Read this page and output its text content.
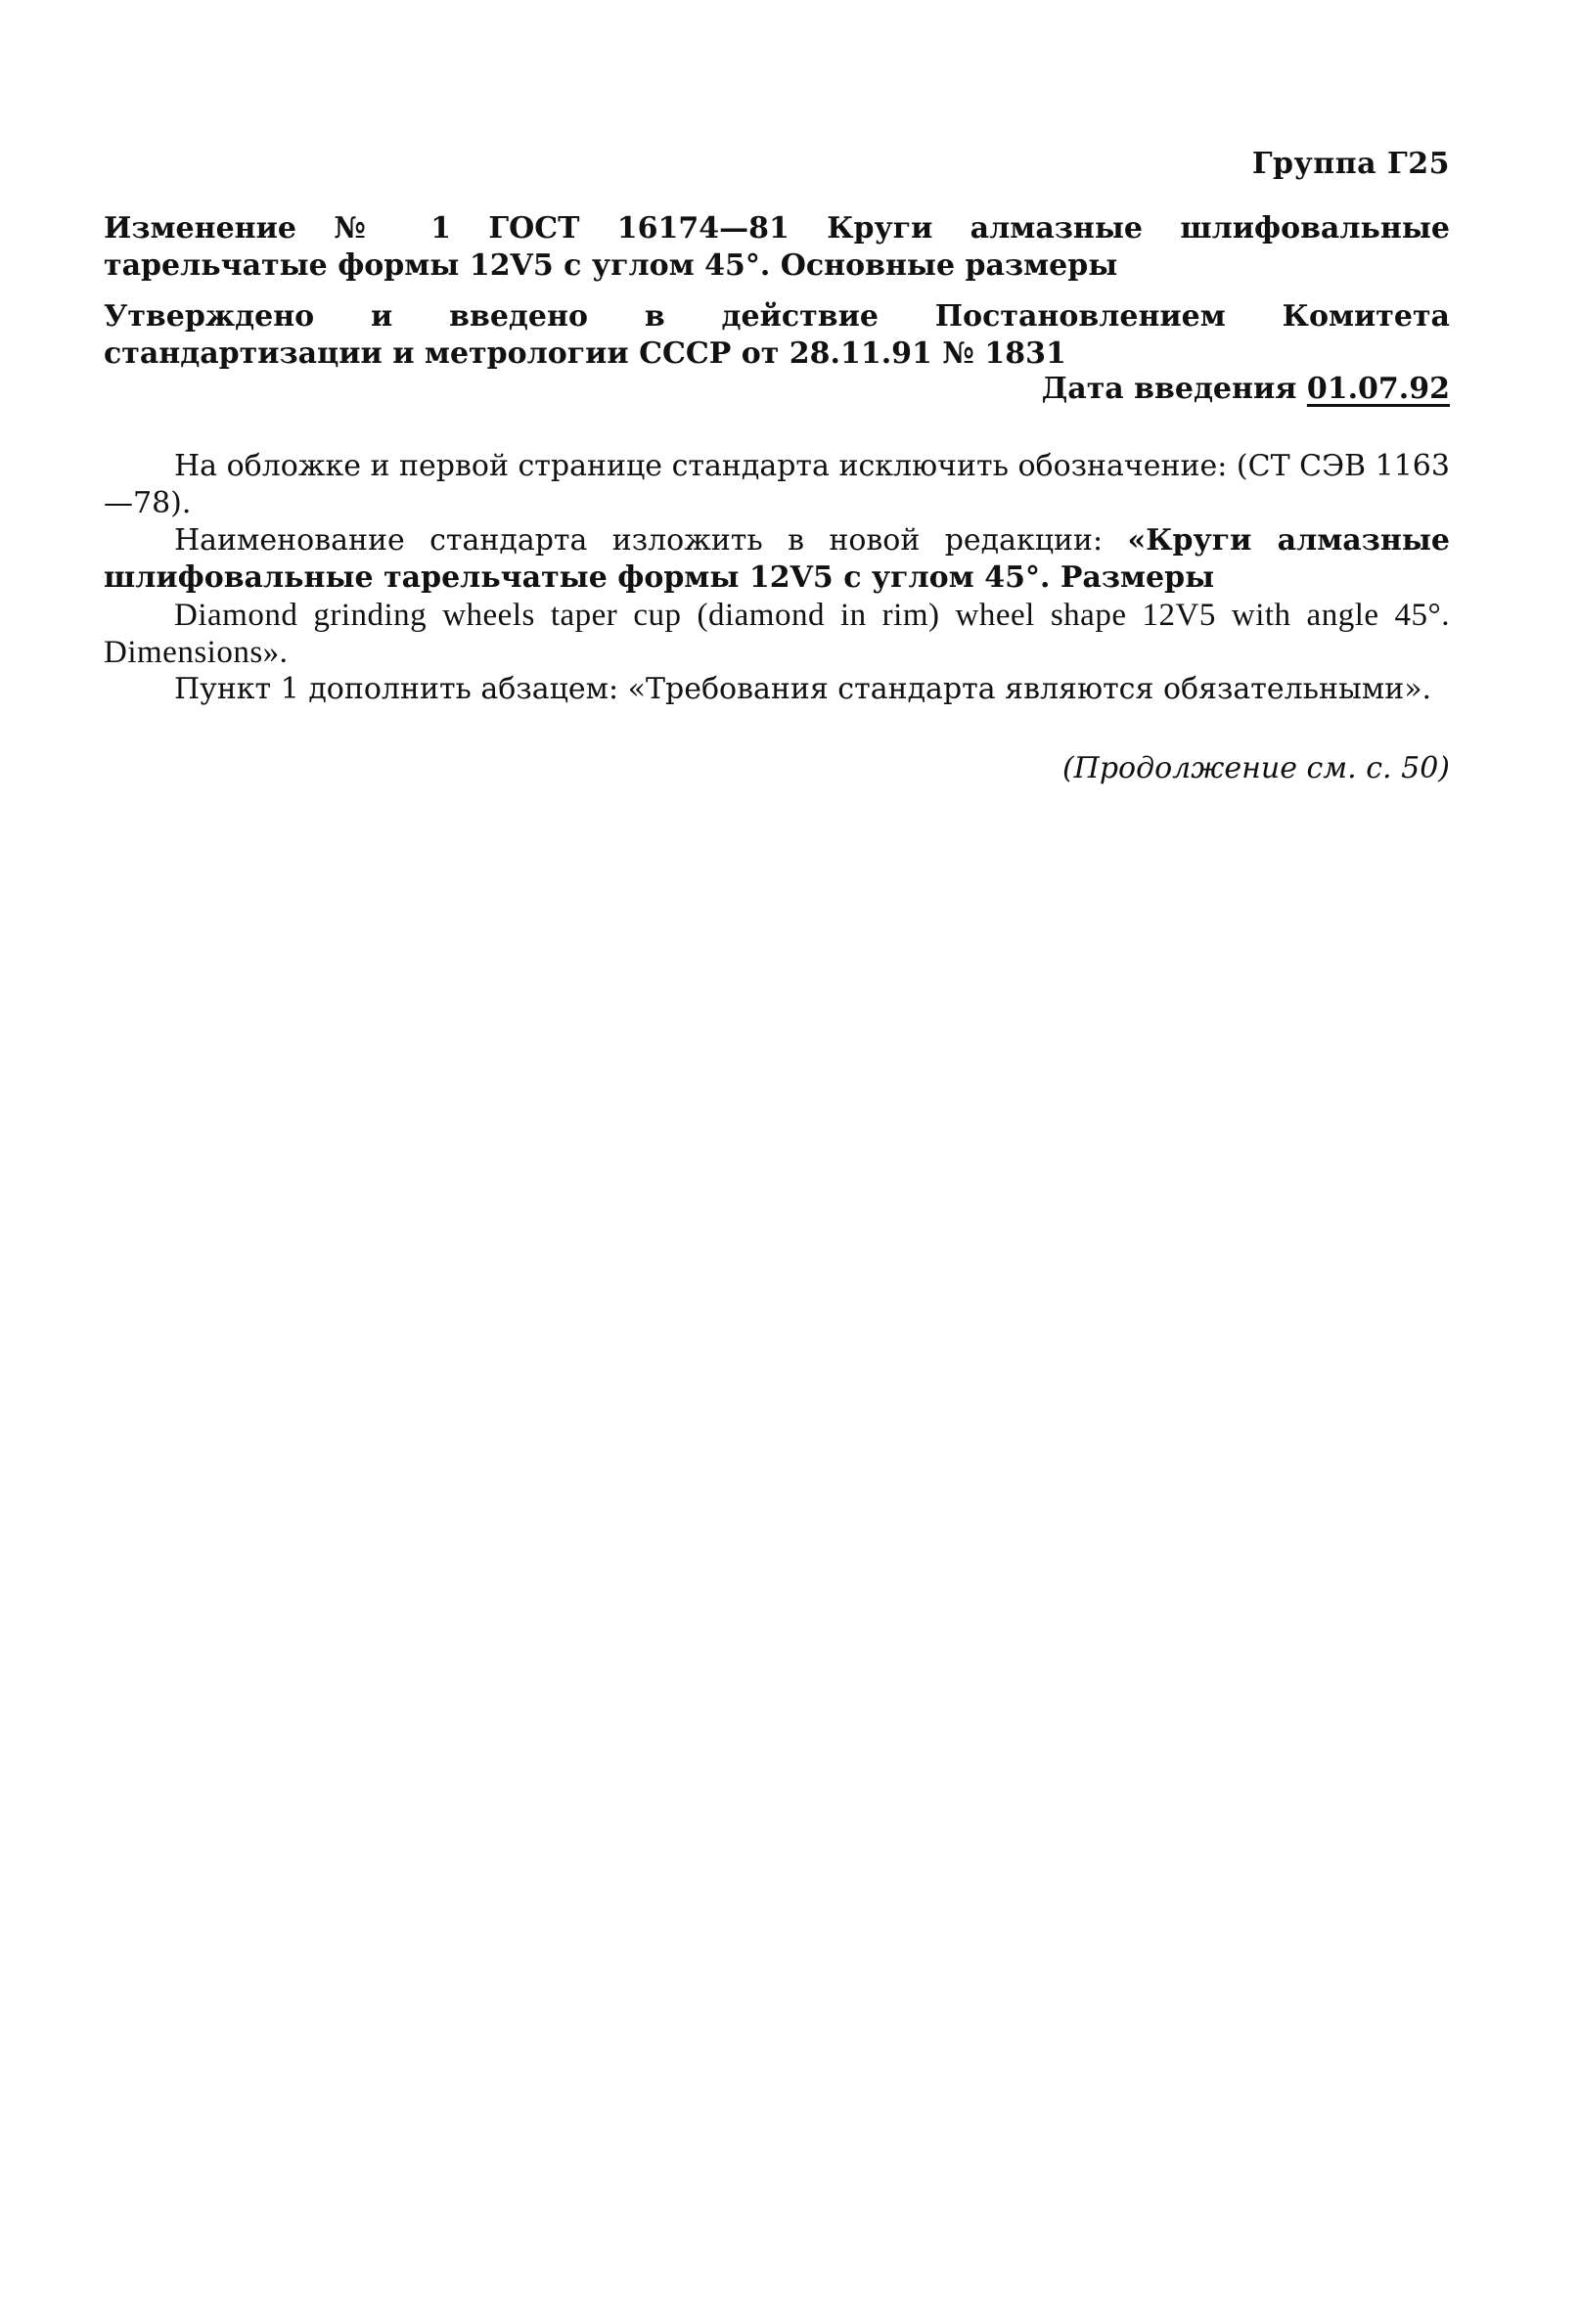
Группа Г25
Изменение № 1 ГОСТ 16174—81 Круги алмазные шлифовальные тарельчатые формы 12V5 с углом 45°. Основные размеры
Утверждено и введено в действие Постановлением Комитета стандартизации и метрологии СССР от 28.11.91 № 1831
Дата введения 01.07.92

На обложке и первой странице стандарта исключить обозначение: (СТ СЭВ 1163—78).

Наименование стандарта изложить в новой редакции: «Круги алмазные шлифовальные тарельчатые формы 12V5 с углом 45°. Размеры

Diamond grinding wheels taper cup (diamond in rim) wheel shape 12V5 with angle 45°. Dimensions».

Пункт 1 дополнить абзацем: «Требования стандарта являются обязательными».

(Продолжение см. с. 50)
